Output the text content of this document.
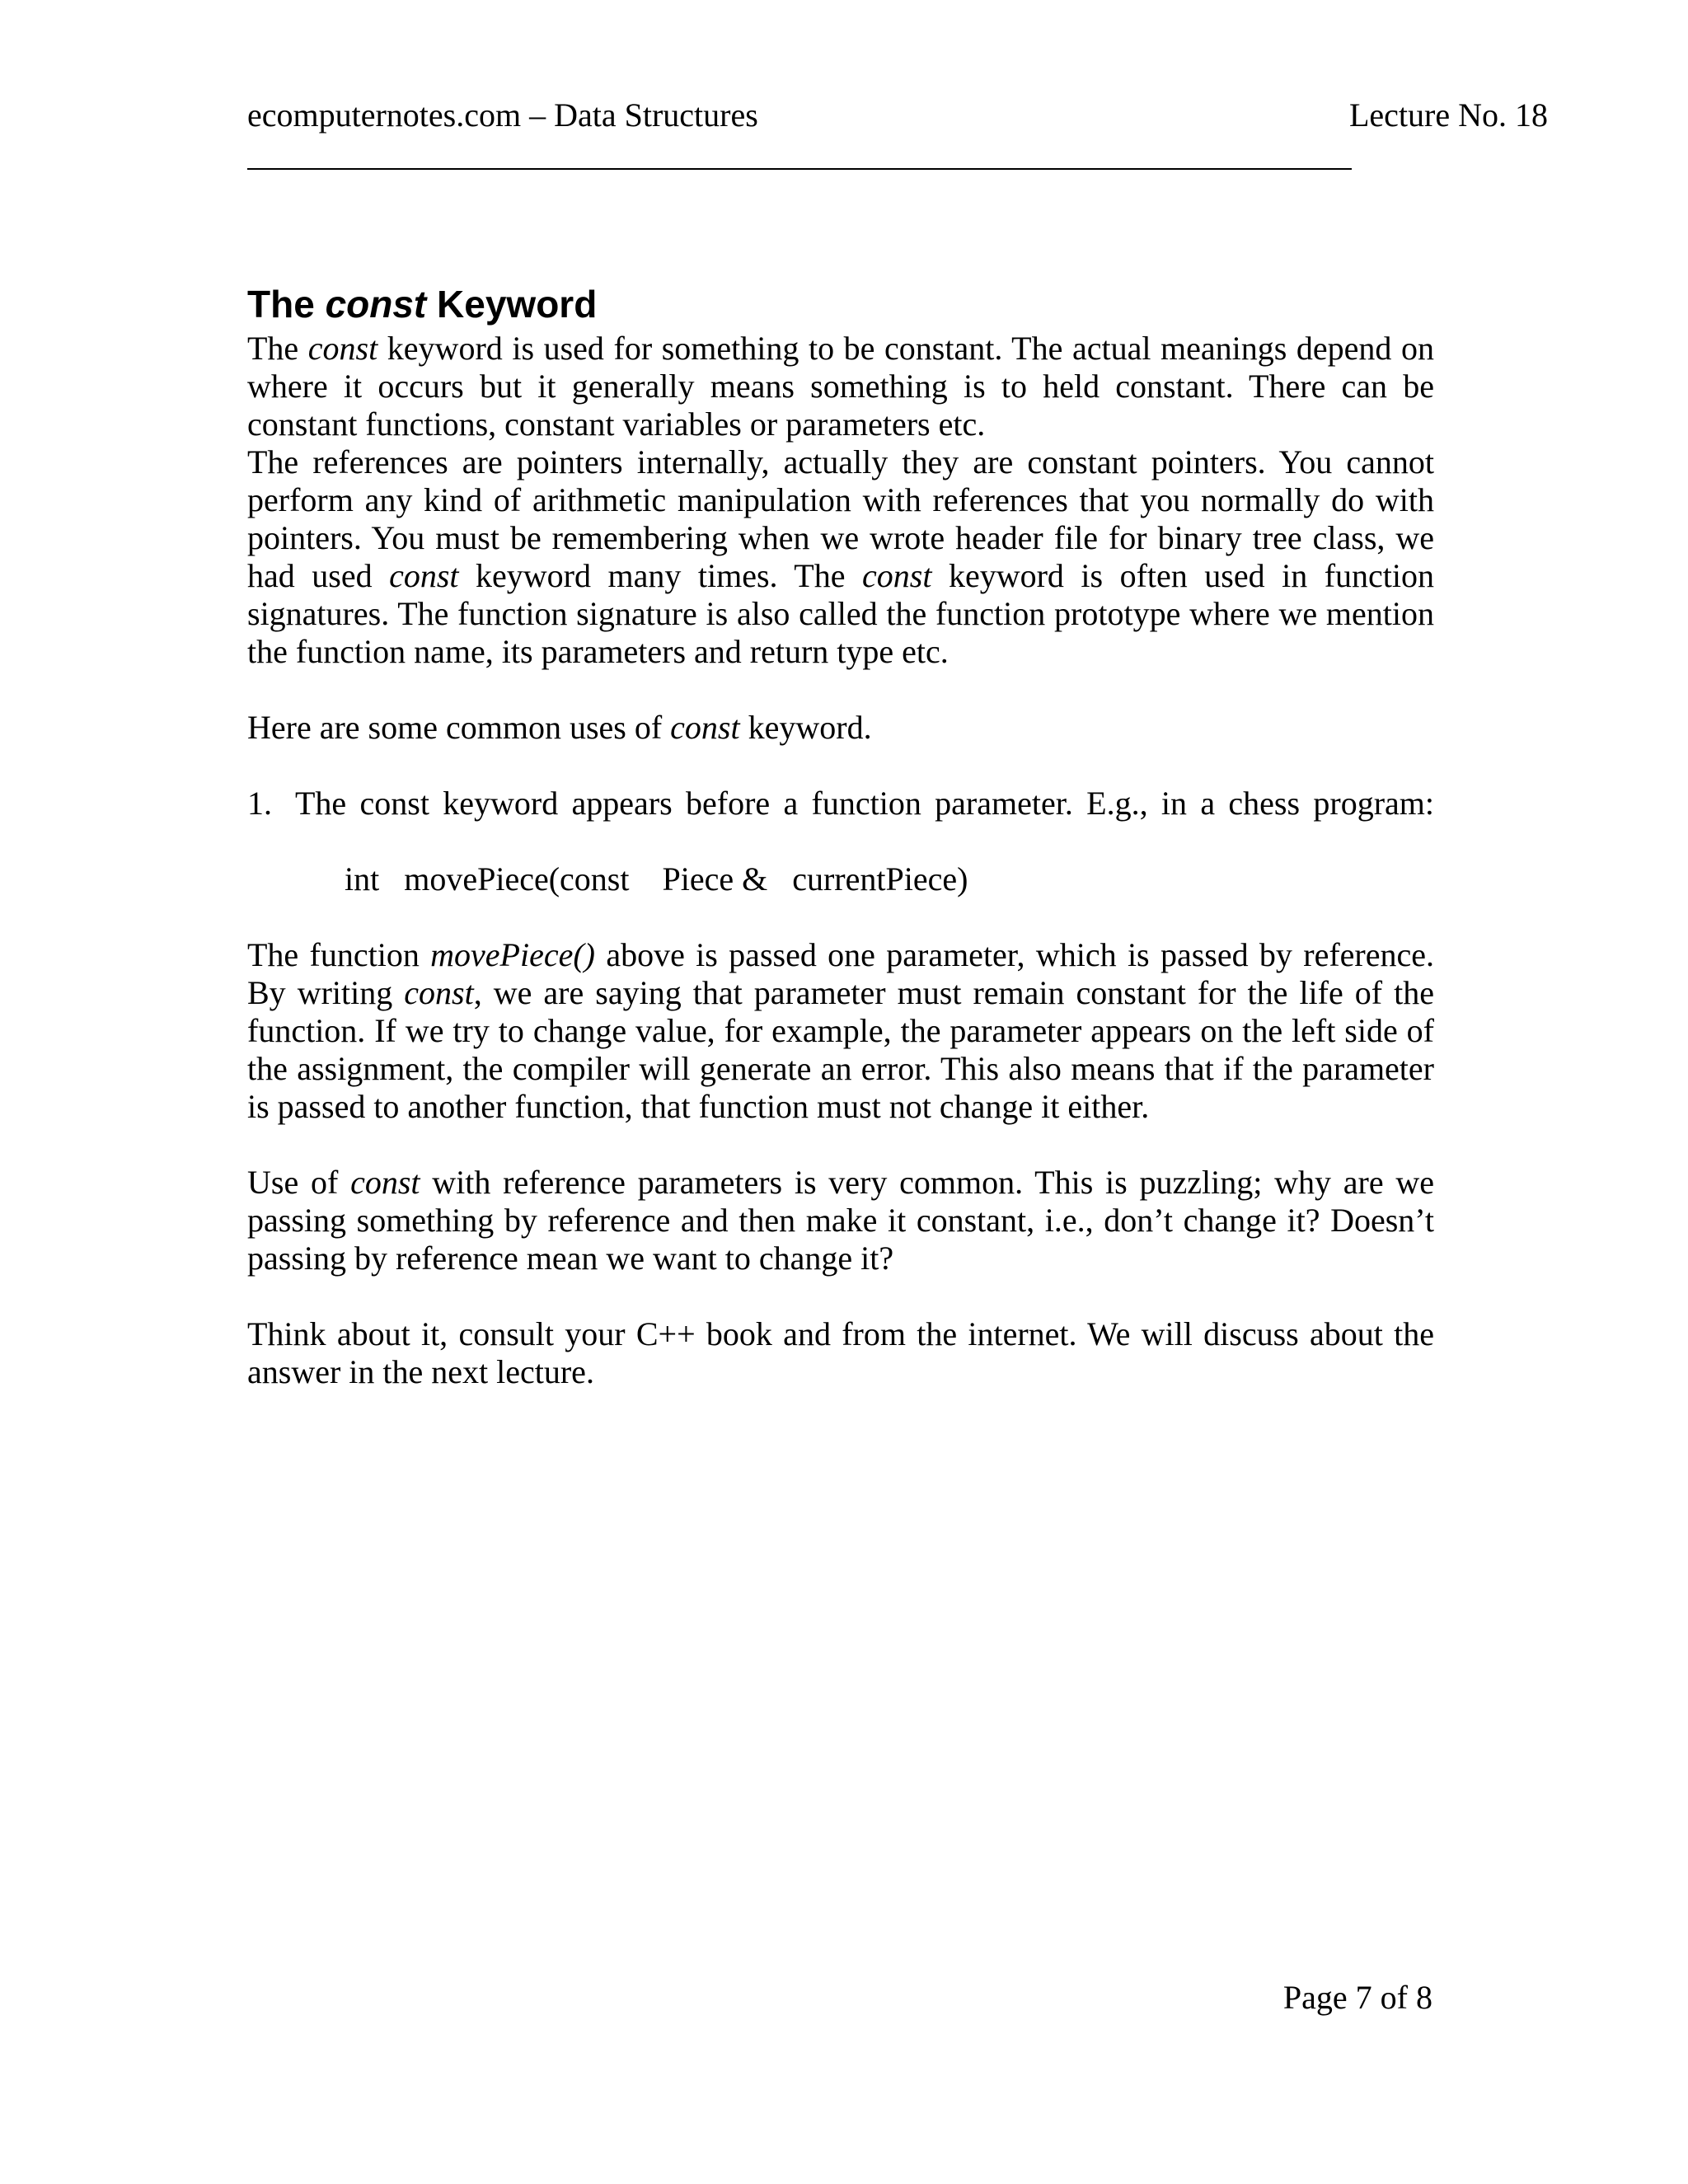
ecomputernotes.com – Data Structures	Lecture No. 18
The const Keyword

The const keyword is used for something to be constant. The actual meanings depend on where it occurs but it generally means something is to held constant. There can be constant functions, constant variables or parameters etc.

The references are pointers internally, actually they are constant pointers. You cannot perform any kind of arithmetic manipulation with references that you normally do with pointers. You must be remembering when we wrote header file for binary tree class, we had used const keyword many times. The const keyword is often used in function signatures. The function signature is also called the function prototype where we mention the function name, its parameters and return type etc.

Here are some common uses of const keyword.

1. The const keyword appears before a function parameter. E.g., in a chess program:
int   movePiece(const    Piece &   currentPiece)

The function movePiece() above is passed one parameter, which is passed by reference. By writing const, we are saying that parameter must remain constant for the life of the function. If we try to change value, for example, the parameter appears on the left side of the assignment, the compiler will generate an error. This also means that if the parameter is passed to another function, that function must not change it either.

Use of const with reference parameters is very common. This is puzzling; why are we passing something by reference and then make it constant, i.e., don’t change it? Doesn’t passing by reference mean we want to change it?

Think about it, consult your C++ book and from the internet. We will discuss about the answer in the next lecture.

Page 7 of 8
